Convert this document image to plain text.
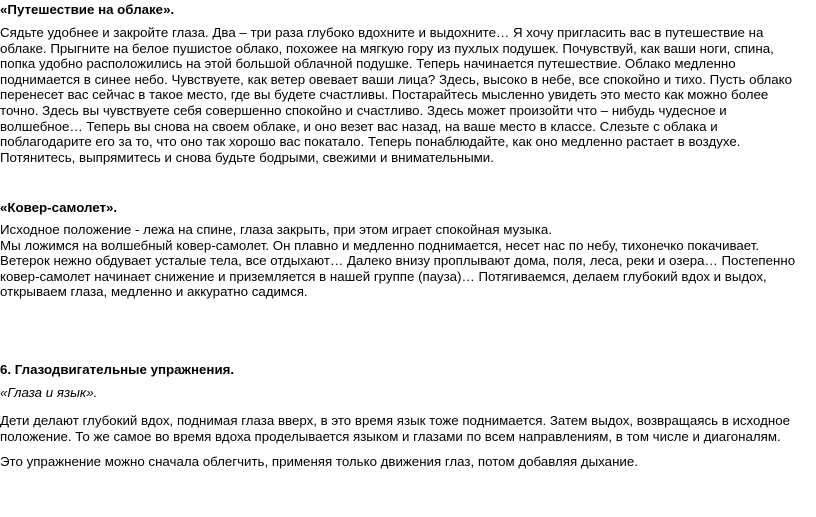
«Путешествие на облаке».

Сядьте удобнее и закройте глаза. Два – три раза глубоко вдохните и выдохните… Я хочу пригласить вас в путешествие на

облаке. Прыгните на белое пушистое облако, похожее на мягкую гору из пухлых подушек. Почувствуй, как ваши ноги, спина,

попка удобно расположились на этой большой облачной подушке. Теперь начинается путешествие. Облако медленно

поднимается в синее небо. Чувствуете, как ветер овевает ваши лица? Здесь, высоко в небе, все спокойно и тихо. Пусть облако

перенесет вас сейчас в такое место, где вы будете счастливы. Постарайтесь мысленно увидеть это место как можно более

точно. Здесь вы чувствуете себя совершенно спокойно и счастливо. Здесь может произойти что – нибудь чудесное и

волшебное… Теперь вы снова на своем облаке, и оно везет вас назад, на ваше место в классе. Слезьте с облака и

поблагодарите его за то, что оно так хорошо вас покатало. Теперь понаблюдайте, как оно медленно растает в воздухе.

Потянитесь, выпрямитесь и снова будьте бодрыми, свежими и внимательными.

«Ковер-самолет».

Исходное положение - лежа на спине, глаза закрыть, при этом играет спокойная музыка.

Мы ложимся на волшебный ковер-самолет. Он плавно и медленно поднимается, несет нас по небу, тихонечко покачивает.

Ветерок нежно обдувает усталые тела, все отдыхают… Далеко внизу проплывают дома, поля, леса, реки и озера… Постепенно

ковер-самолет начинает снижение и приземляется в нашей группе (пауза)… Потягиваемся, делаем глубокий вдох и выдох,

открываем глаза, медленно и аккуратно садимся.

6. Глазодвигательные упражнения.
«Глаза и язык».

Дети делают глубокий вдох, поднимая глаза вверх, в это время язык тоже поднимается. Затем выдох, возвращаясь в исходное

положение. То же самое во время вдоха проделывается языком и глазами по всем направлениям, в том числе и диагоналям.

Это упражнение можно сначала облегчить, применяя только движения глаз, потом добавляя дыхание.
